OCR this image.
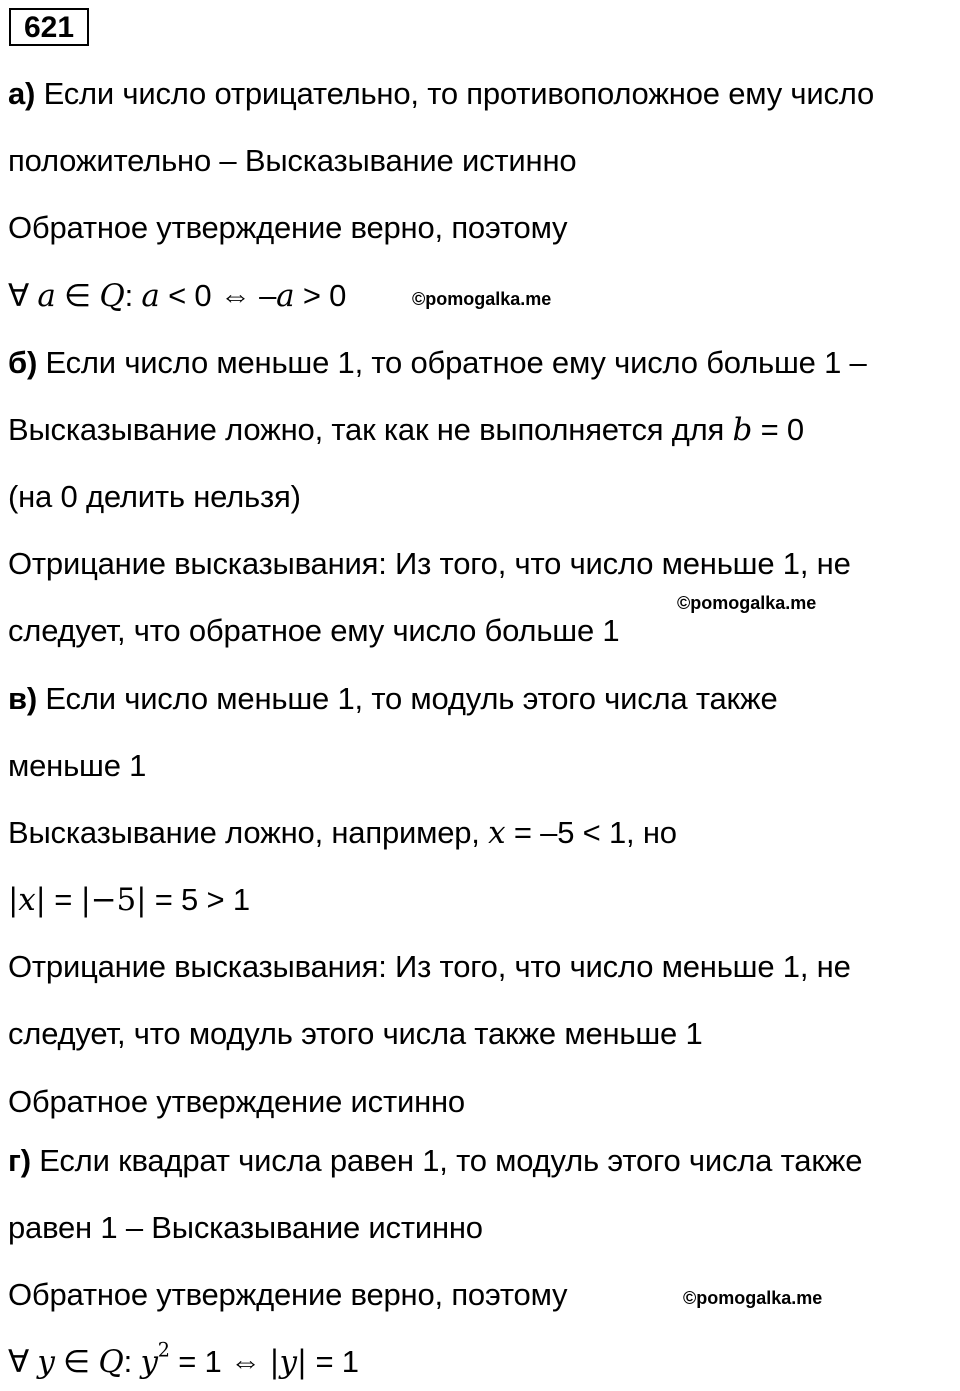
621
а) Если число отрицательно, то противоположное ему число
положительно – Высказывание истинно
Обратное утверждение верно, поэтому
∀ a ∈ Q: a < 0 ⇔ –a > 0	©pomogalka.me
б) Если число меньше 1, то обратное ему число больше 1 –
Высказывание ложно, так как не выполняется для b = 0
(на 0 делить нельзя)
Отрицание высказывания: Из того, что число меньше 1, не
©pomogalka.me
следует, что обратное ему число больше 1
в) Если число меньше 1, то модуль этого числа также
меньше 1
Высказывание ложно, например, x = –5 < 1, но
|x| = |−5| = 5 > 1
Отрицание высказывания: Из того, что число меньше 1, не
следует, что модуль этого числа также меньше 1
Обратное утверждение истинно
г) Если квадрат числа равен 1, то модуль этого числа также
равен 1 – Высказывание истинно
Обратное утверждение верно, поэтому	©pomogalka.me
∀ y ∈ Q: $y^2 = 1$ ⇔ |y| = 1
